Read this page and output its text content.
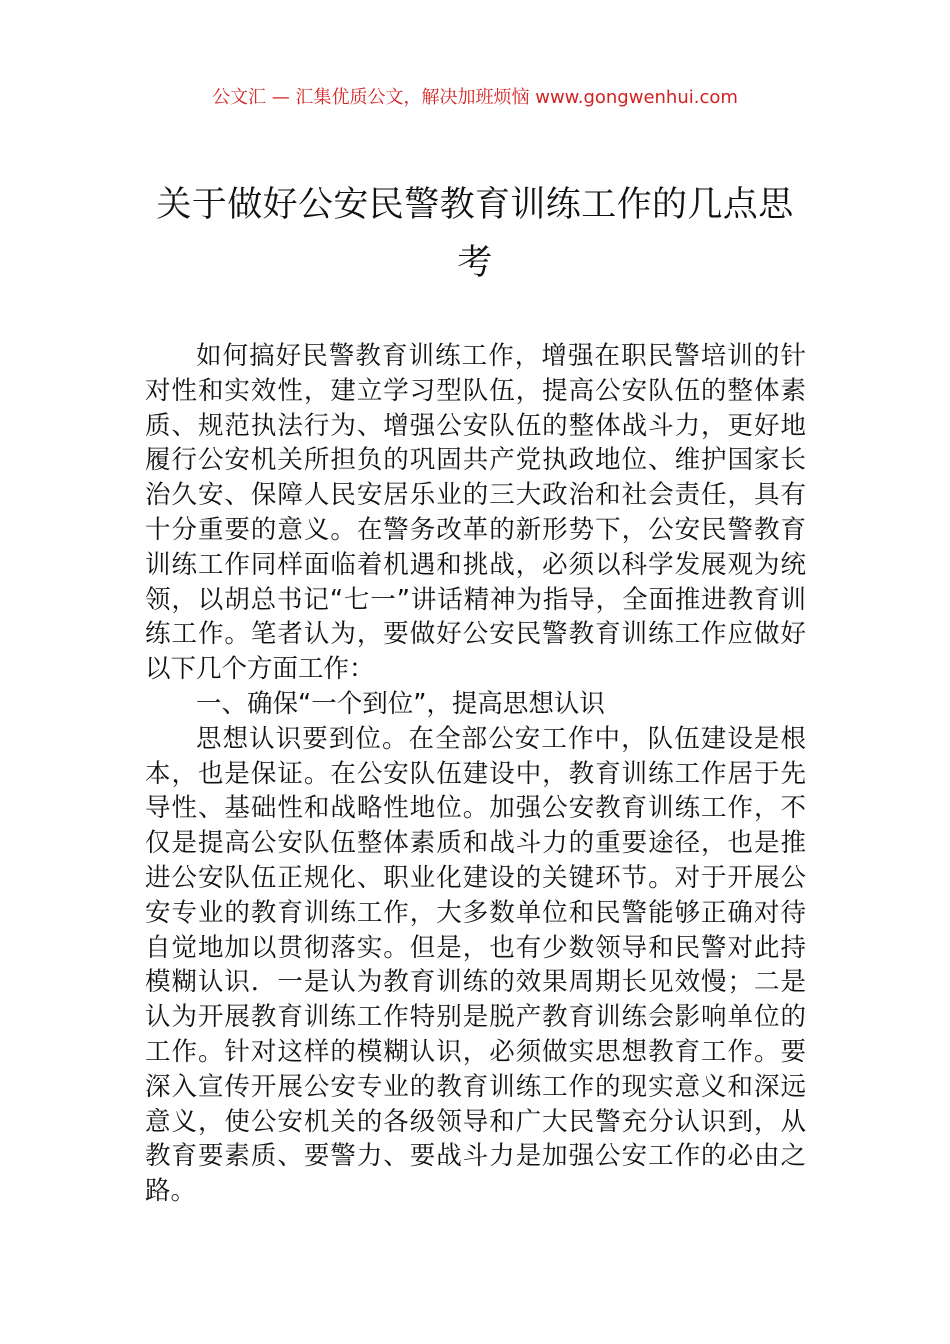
公文汇 — 汇集优质公文，解决加班烦恼 www.gongwenhui.com
关于做好公安民警教育训练工作的几点思考

如何搞好民警教育训练工作，增强在职民警培训的针对性和实效性，建立学习型队伍，提高公安队伍的整体素质、规范执法行为、增强公安队伍的整体战斗力，更好地履行公安机关所担负的巩固共产党执政地位、维护国家长治久安、保障人民安居乐业的三大政治和社会责任，具有十分重要的意义。在警务改革的新形势下，公安民警教育训练工作同样面临着机遇和挑战，必须以科学发展观为统领，以胡总书记“七一”讲话精神为指导，全面推进教育训练工作。笔者认为，要做好公安民警教育训练工作应做好以下几个方面工作：

一、确保“一个到位”，提高思想认识

思想认识要到位。在全部公安工作中，队伍建设是根本，也是保证。在公安队伍建设中，教育训练工作居于先导性、基础性和战略性地位。加强公安教育训练工作，不仅是提高公安队伍整体素质和战斗力的重要途径，也是推进公安队伍正规化、职业化建设的关键环节。对于开展公安专业的教育训练工作，大多数单位和民警能够正确对待自觉地加以贯彻落实。但是，也有少数领导和民警对此持模糊认识．一是认为教育训练的效果周期长见效慢；二是认为开展教育训练工作特别是脱产教育训练会影响单位的工作。针对这样的模糊认识，必须做实思想教育工作。要深入宣传开展公安专业的教育训练工作的现实意义和深远意义，使公安机关的各级领导和广大民警充分认识到，从教育要素质、要警力、要战斗力是加强公安工作的必由之路。
